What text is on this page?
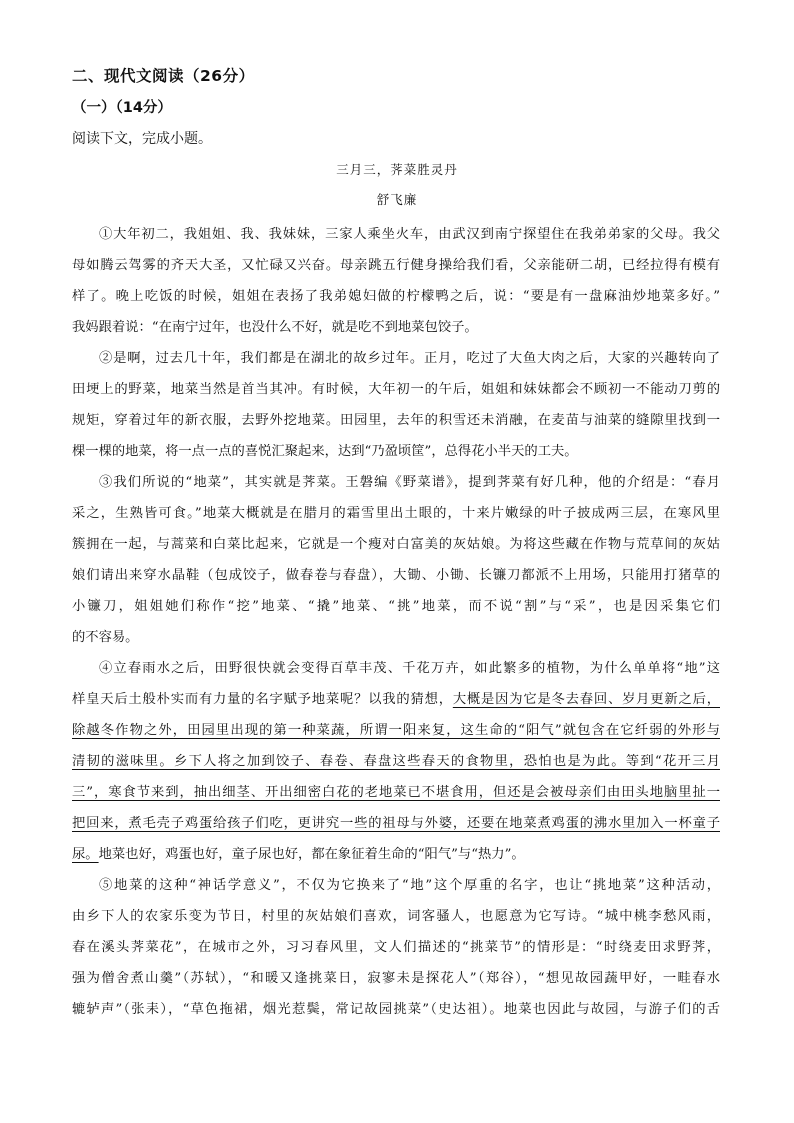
二、现代文阅读（26分）
（一）（14分）
阅读下文，完成小题。
三月三，荠菜胜灵丹
舒飞廉
①大年初二，我姐姐、我、我妹妹，三家人乘坐火车，由武汉到南宁探望住在我弟弟家的父母。我父
母如腾云驾雾的齐天大圣，又忙碌又兴奋。母亲跳五行健身操给我们看，父亲能研二胡，已经拉得有模有
样了。晚上吃饭的时候，姐姐在表扬了我弟媳妇做的柠檬鸭之后，说：“要是有一盘麻油炒地菜多好。”
我妈跟着说：“在南宁过年，也没什么不好，就是吃不到地菜包饺子。
②是啊，过去几十年，我们都是在湖北的故乡过年。正月，吃过了大鱼大肉之后，大家的兴趣转向了
田埂上的野菜，地菜当然是首当其冲。有时候，大年初一的午后，姐姐和妹妹都会不顾初一不能动刀剪的
规矩，穿着过年的新衣服，去野外挖地菜。田园里，去年的积雪还未消融，在麦苗与油菜的缝隙里找到一
棵一棵的地菜，将一点一点的喜悦汇聚起来，达到“乃盈顷筐”，总得花小半天的工夫。
③我们所说的“地菜”，其实就是荠菜。王磐编《野菜谱》，提到荠菜有好几种，他的介绍是：“春月
采之，生熟皆可食。”地菜大概就是在腊月的霜雪里出土眼的，十来片嫩绿的叶子披成两三层，在寒风里
簇拥在一起，与蒿菜和白菜比起来，它就是一个瘦对白富美的灰姑娘。为将这些藏在作物与荒草间的灰姑
娘们请出来穿水晶鞋（包成饺子，做春卷与春盘），大锄、小锄、长镰刀都派不上用场，只能用打猪草的
小镰刀，姐姐她们称作“挖”地菜、“撬”地菜、“挑”地菜，而不说“割”与“采”，也是因采集它们
的不容易。
④立春雨水之后，田野很快就会变得百草丰茂、千花万卉，如此繁多的植物，为什么单单将“地”这
样皇天后土般朴实而有力量的名字赋予地菜呢？以我的猜想，大概是因为它是冬去春回、岁月更新之后，
除越冬作物之外，田园里出现的第一种菜蔬，所谓一阳来复，这生命的“阳气”就包含在它纤弱的外形与
清韧的滋味里。乡下人将之加到饺子、春卷、春盘这些春天的食物里，恐怕也是为此。等到“花开三月
三”，寒食节来到，抽出细茎、开出细密白花的老地菜已不堪食用，但还是会被母亲们由田头地脑里扯一
把回来，煮毛壳子鸡蛋给孩子们吃，更讲究一些的祖母与外婆，还要在地菜煮鸡蛋的沸水里加入一杯童子
尿。地菜也好，鸡蛋也好，童子尿也好，都在象征着生命的“阳气”与“热力”。
⑤地菜的这种“神话学意义”，不仅为它换来了“地”这个厚重的名字，也让“挑地菜”这种活动，
由乡下人的农家乐变为节日，村里的灰姑娘们喜欢，词客骚人，也愿意为它写诗。“城中桃李愁风雨，
春在溪头荠菜花”，在城市之外，习习春风里，文人们描述的“挑菜节”的情形是：“时绕麦田求野荠，
强为僧舍煮山羹”（苏轼），“和暖又逢挑菜日，寂寥未是探花人”（郑谷），“想见故园蔬甲好，一畦春水
辘轳声”（张耒），“草色拖裙，烟光惹鬓，常记故园挑菜”（史达祖）。地菜也因此与故园，与游子们的舌
